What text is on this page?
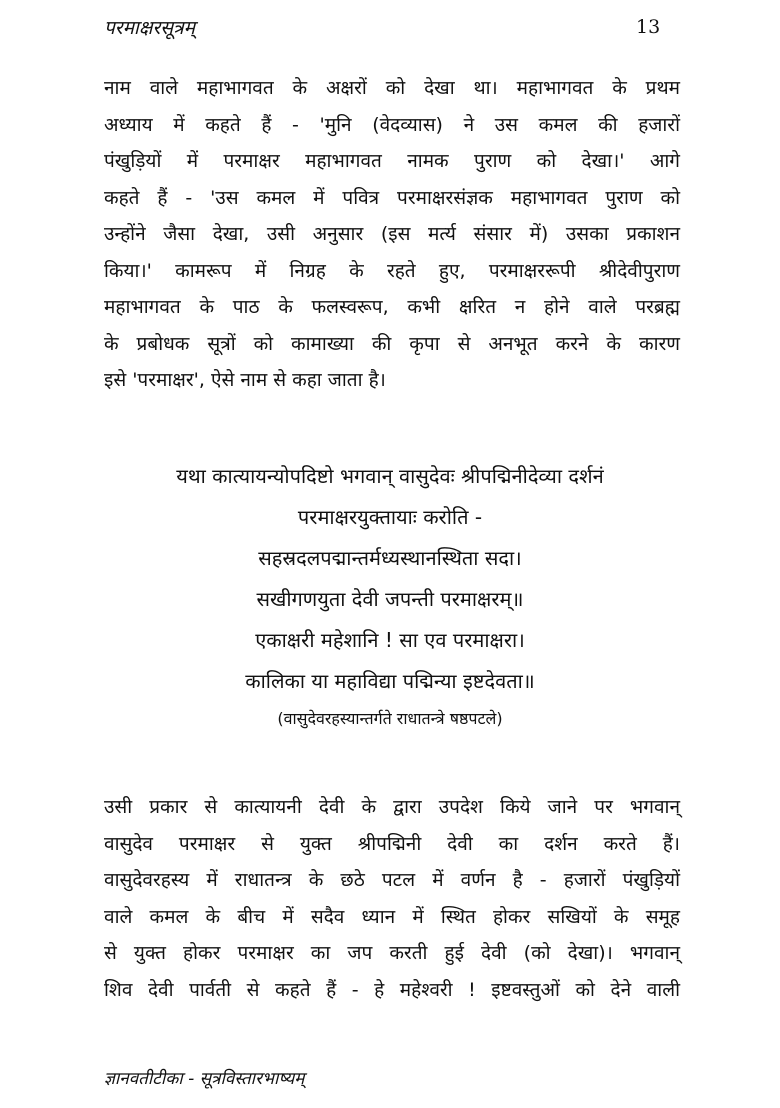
परमाक्षरसूत्रम्	13
नाम वाले महाभागवत के अक्षरों को देखा था। महाभागवत के प्रथम
अध्याय में कहते हैं - 'मुनि (वेदव्यास) ने उस कमल की हजारों
पंखुड़ियों में परमाक्षर महाभागवत नामक पुराण को देखा।' आगे
कहते हैं - 'उस कमल में पवित्र परमाक्षरसंज्ञक महाभागवत पुराण को
उन्होंने जैसा देखा, उसी अनुसार (इस मर्त्य संसार में) उसका प्रकाशन
किया।' कामरूप में निग्रह के रहते हुए, परमाक्षररूपी श्रीदेवीपुराण
महाभागवत के पाठ के फलस्वरूप, कभी क्षरित न होने वाले परब्रह्म
के प्रबोधक सूत्रों को कामाख्या की कृपा से अनभूत करने के कारण
इसे 'परमाक्षर', ऐसे नाम से कहा जाता है।
यथा कात्यायन्योपदिष्टो भगवान् वासुदेवः श्रीपद्मिनीदेव्या दर्शनं
परमाक्षरयुक्तायाः करोति -
सहस्रदलपद्मान्तर्मध्यस्थानस्थिता सदा।
सखीगणयुता देवी जपन्ती परमाक्षरम्॥
एकाक्षरी महेशानि ! सा एव परमाक्षरा।
कालिका या महाविद्या पद्मिन्या इष्टदेवता॥
(वासुदेवरहस्यान्तर्गते राधातन्त्रे षष्ठपटले)
उसी प्रकार से कात्यायनी देवी के द्वारा उपदेश किये जाने पर भगवान्
वासुदेव परमाक्षर से युक्त श्रीपद्मिनी देवी का दर्शन करते हैं।
वासुदेवरहस्य में राधातन्त्र के छठे पटल में वर्णन है - हजारों पंखुड़ियों
वाले कमल के बीच में सदैव ध्यान में स्थित होकर सखियों के समूह
से युक्त होकर परमाक्षर का जप करती हुई देवी (को देखा)। भगवान्
शिव देवी पार्वती से कहते हैं - हे महेश्वरी ! इष्टवस्तुओं को देने वाली
ज्ञानवतीटीका - सूत्रविस्तारभाष्यम्
